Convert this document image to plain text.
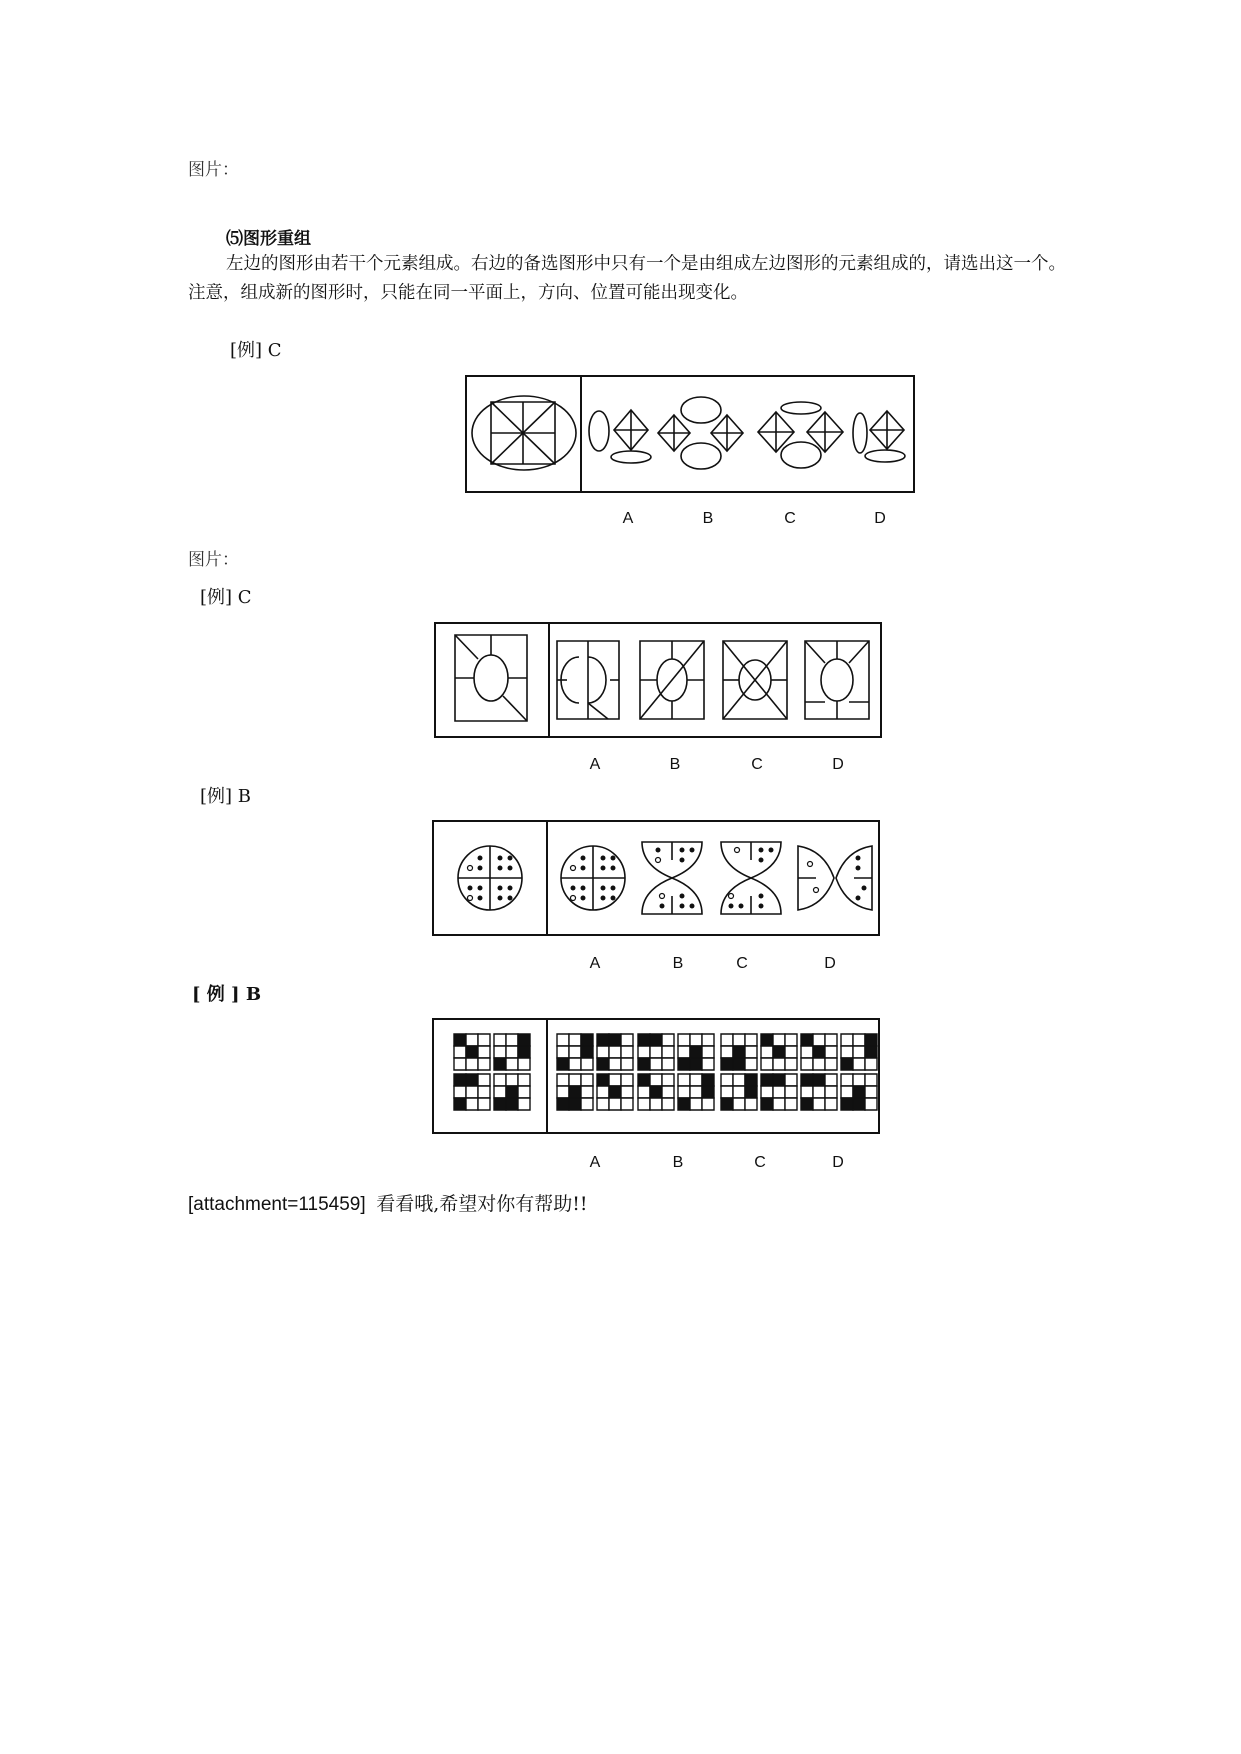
图片：
⑸图形重组
左边的图形由若干个元素组成。右边的备选图形中只有一个是由组成左边图形的元素组成的，请选出这一个。
注意，组成新的图形时，只能在同一平面上，方向、位置可能出现变化。
[例] C
A	B	C	D
图片：
[例] C
A	B	C	D
[例] B
A	B	C	D
[ 例 ] B
A	B	C	D
[attachment=115459] 看看哦,希望对你有帮助!!
